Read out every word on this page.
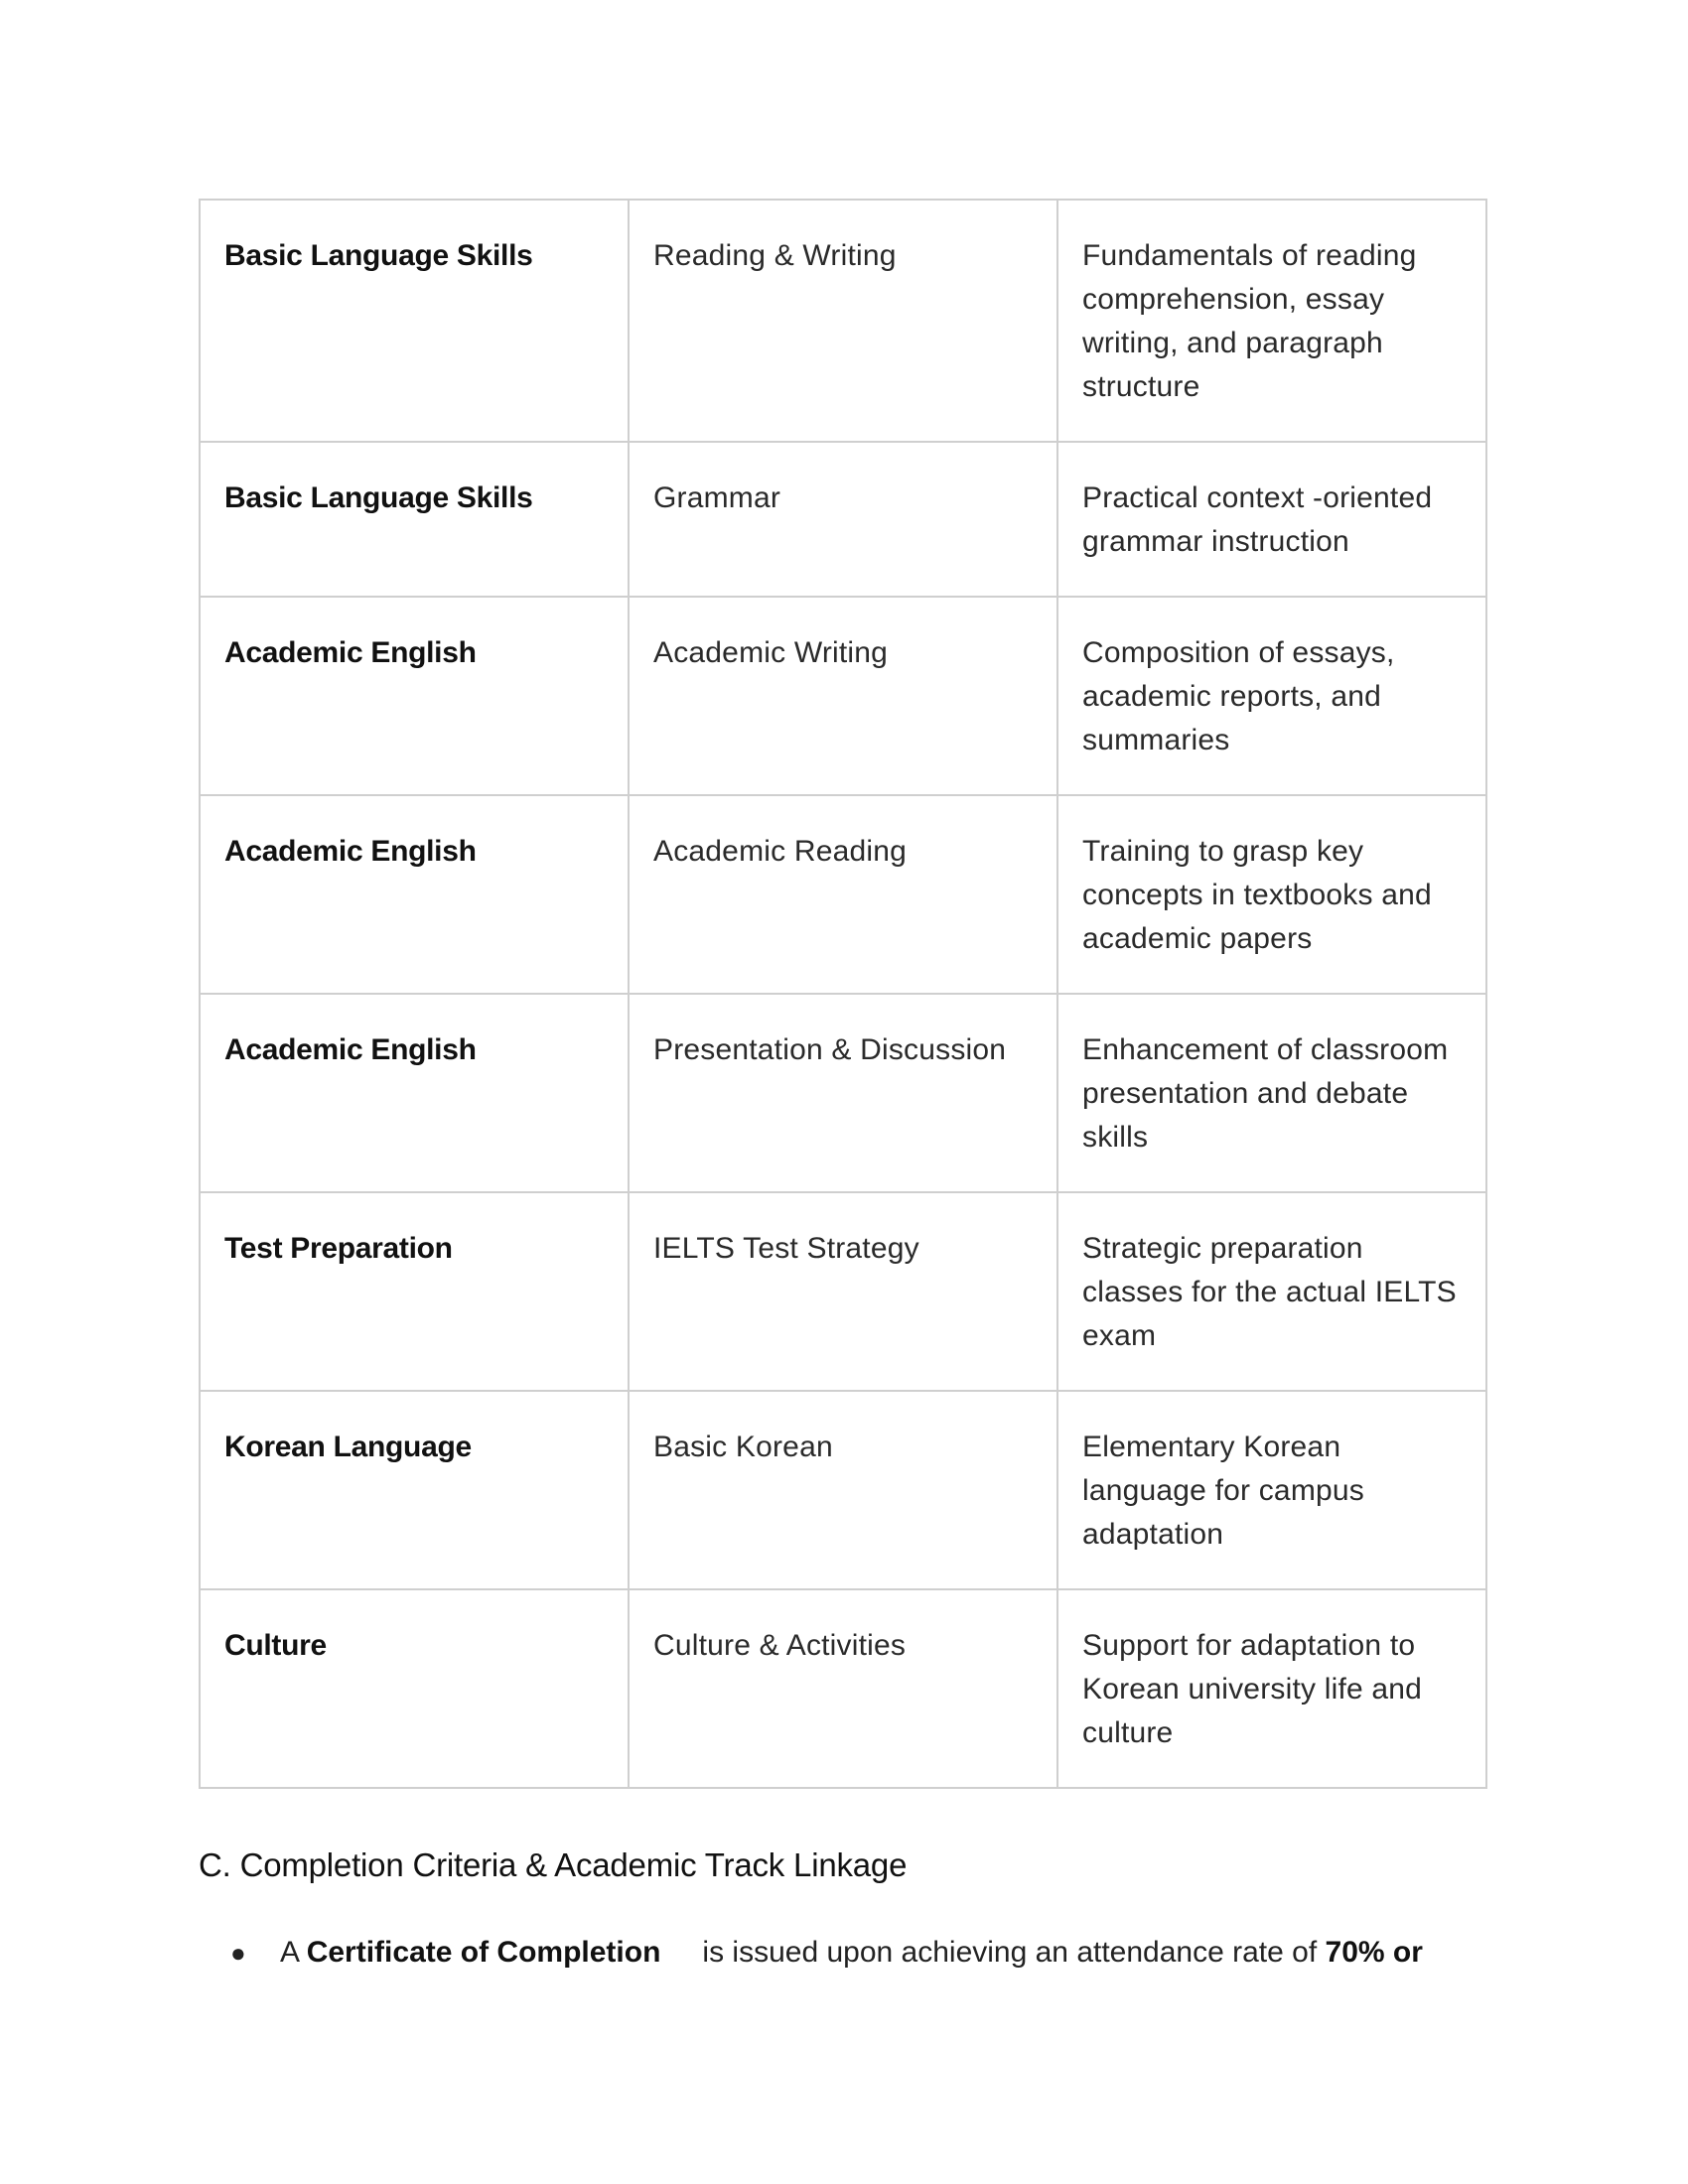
Basic Language Skills	Reading & Writing	Fundamentals of reading comprehension, essay writing, and paragraph structure
Basic Language Skills	Grammar	Practical context -oriented grammar instruction
Academic English	Academic Writing	Composition of essays, academic reports, and summaries
Academic English	Academic Reading	Training to grasp key concepts in textbooks and academic papers
Academic English	Presentation & Discussion	Enhancement of classroom presentation and debate skills
Test Preparation	IELTS Test Strategy	Strategic preparation classes for the actual IELTS exam
Korean Language	Basic Korean	Elementary Korean language for campus adaptation
Culture	Culture & Activities	Support for adaptation to Korean university life and culture
C. Completion Criteria & Academic Track Linkage
● A Certificate of Completion is issued upon achieving an attendance rate of 70% or
